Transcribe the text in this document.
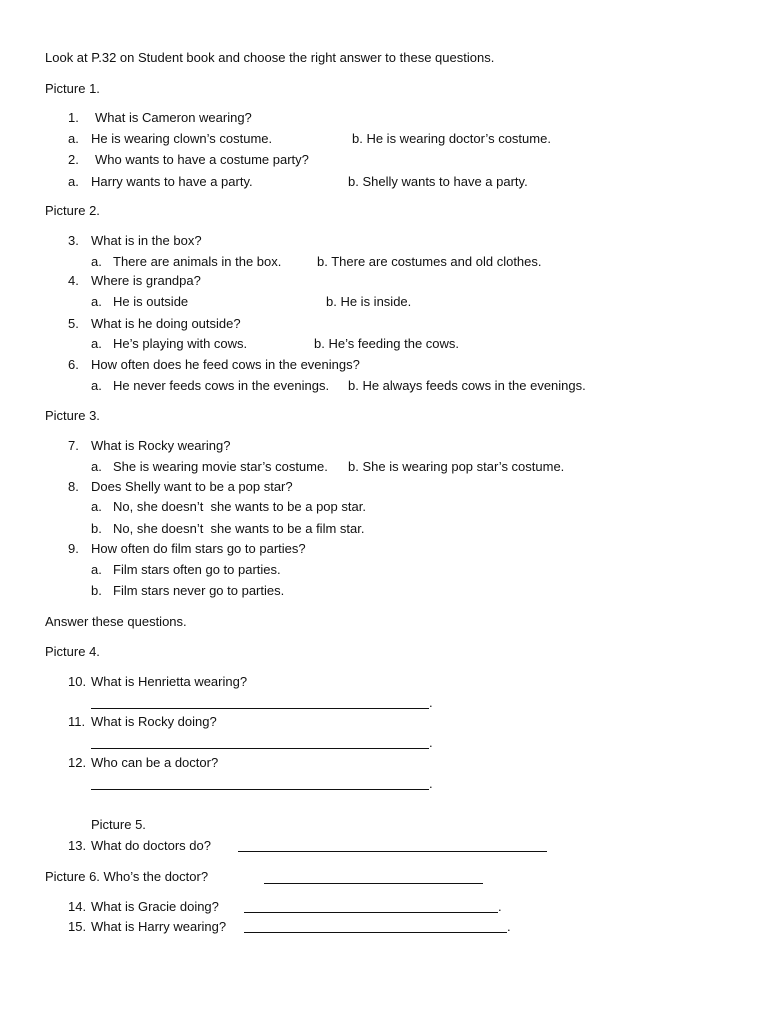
Look at P.32 on Student book and choose the right answer to these questions.
Picture 1.
1. What is Cameron wearing?
a. He is wearing clown’s costume.	b. He is wearing doctor’s costume.
2. Who wants to have a costume party?
a. Harry wants to have a party.	b. Shelly wants to have a party.
Picture 2.
3. What is in the box?
a. There are animals in the box.	b. There are costumes and old clothes.
4. Where is grandpa?
a. He is outside	b. He is inside.
5. What is he doing outside?
a. He’s playing with cows.	b. He’s feeding the cows.
6. How often does he feed cows in the evenings?
a. He never feeds cows in the evenings. b. He always feeds cows in the evenings.
Picture 3.
7. What is Rocky wearing?
a. She is wearing movie star’s costume. b. She is wearing pop star’s costume.
8. Does Shelly want to be a pop star?
a. No, she doesn’t  she wants to be a pop star.
b. No, she doesn’t  she wants to be a film star.
9. How often do film stars go to parties?
a. Film stars often go to parties.
b. Film stars never go to parties.
Answer these questions.
Picture 4.
10. What is Henrietta wearing?
.
11. What is Rocky doing?
.
12. Who can be a doctor?
.
Picture 5.
13. What do doctors do?
Picture 6. Who’s the doctor?
14. What is Gracie doing?	.
15. What is Harry wearing?	.
